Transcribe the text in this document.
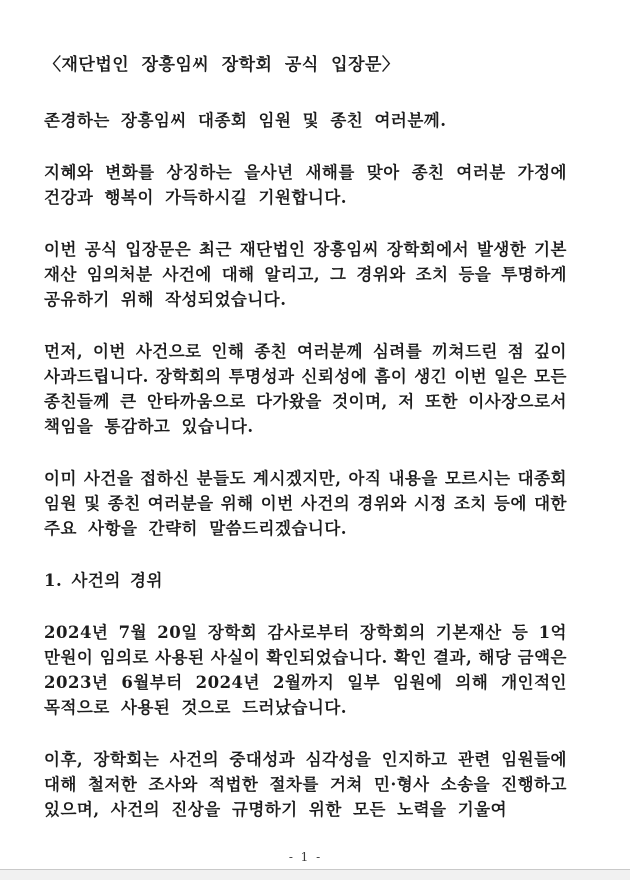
〈재단법인 장흥임씨 장학회 공식 입장문〉
존경하는 장흥임씨 대종회 임원 및 종친 여러분께.
지혜와 변화를 상징하는 을사년 새해를 맞아 종친 여러분 가정에
건강과 행복이 가득하시길 기원합니다.
이번 공식 입장문은 최근 재단법인 장흥임씨 장학회에서 발생한 기본
재산 임의처분 사건에 대해 알리고, 그 경위와 조치 등을 투명하게
공유하기 위해 작성되었습니다.
먼저, 이번 사건으로 인해 종친 여러분께 심려를 끼쳐드린 점 깊이
사과드립니다. 장학회의 투명성과 신뢰성에 흠이 생긴 이번 일은 모든
종친들께 큰 안타까움으로 다가왔을 것이며, 저 또한 이사장으로서
책임을 통감하고 있습니다.
이미 사건을 접하신 분들도 계시겠지만, 아직 내용을 모르시는 대종회
임원 및 종친 여러분을 위해 이번 사건의 경위와 시정 조치 등에 대한
주요 사항을 간략히 말씀드리겠습니다.
1. 사건의 경위
2024년 7월 20일 장학회 감사로부터 장학회의 기본재산 등 1억
만원이 임의로 사용된 사실이 확인되었습니다. 확인 결과, 해당 금액은
2023년 6월부터 2024년 2월까지 일부 임원에 의해 개인적인
목적으로 사용된 것으로 드러났습니다.
이후, 장학회는 사건의 중대성과 심각성을 인지하고 관련 임원들에
대해 철저한 조사와 적법한 절차를 거쳐 민·형사 소송을 진행하고
있으며, 사건의 진상을 규명하기 위한 모든 노력을 기울여
- 1 -
